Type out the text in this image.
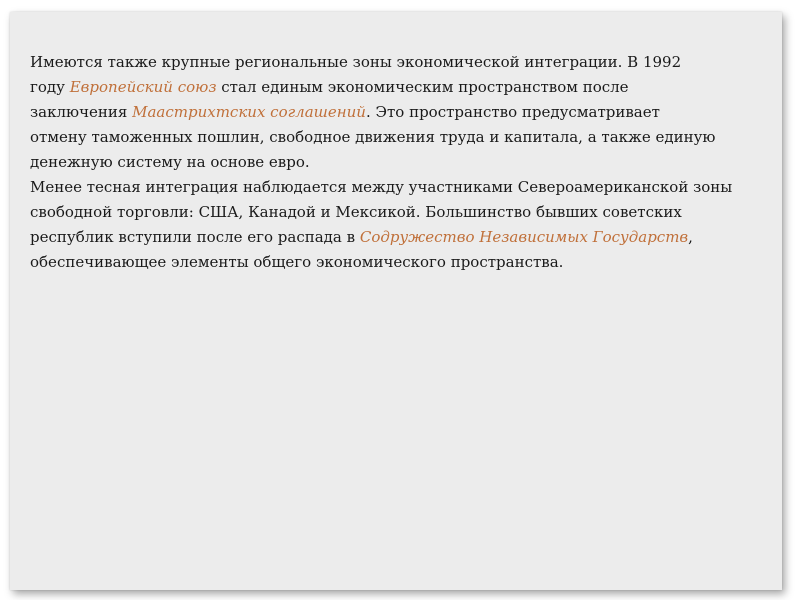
Имеются также крупные региональные зоны экономической интеграции. В 1992
году Европейский союз стал единым экономическим пространством после
заключения Маастрихтских соглашений. Это пространство предусматривает
отмену таможенных пошлин, свободное движения труда и капитала, а также единую
денежную систему на основе евро.

Менее тесная интеграция наблюдается между участниками Североамериканской зоны
свободной торговли: США, Канадой и Мексикой. Большинство бывших советских
республик вступили после его распада в Содружество Независимых Государств,
обеспечивающее элементы общего экономического пространства.
